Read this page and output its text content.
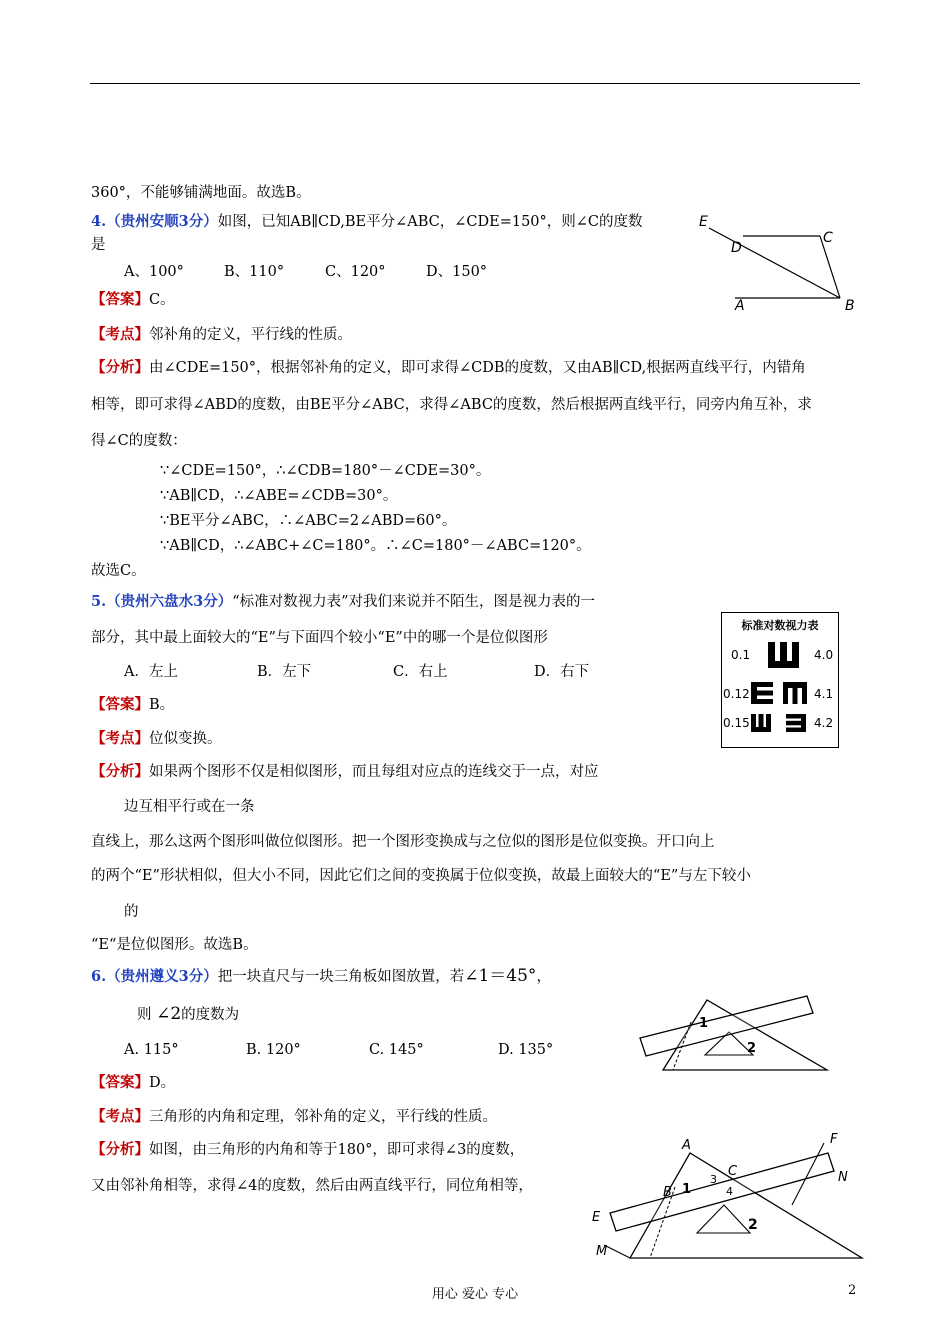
360°，不能够铺满地面。故选B。
4.（贵州安顺3分）如图，已知AB∥CD,BE平分∠ABC，∠CDE=150°，则∠C的度数
是
A、100°	B、110°	C、120°	D、150°
【答案】C。
【考点】邻补角的定义，平行线的性质。
【分析】由∠CDE=150°，根据邻补角的定义，即可求得∠CDB的度数，又由AB∥CD,根据两直线平行，内错角
相等，即可求得∠ABD的度数，由BE平分∠ABC，求得∠ABC的度数，然后根据两直线平行，同旁内角互补，求
得∠C的度数：
∵∠CDE=150°，∴∠CDB=180°－∠CDE=30°。
∵AB∥CD，∴∠ABE=∠CDB=30°。
∵BE平分∠ABC，∴∠ABC=2∠ABD=60°。
∵AB∥CD，∴∠ABC+∠C=180°。∴∠C=180°－∠ABC=120°。
故选C。
E
D
C
A	B
5.（贵州六盘水3分）“标准对数视力表”对我们来说并不陌生，图是视力表的一
部分，其中最上面较大的“E”与下面四个较小“E”中的哪一个是位似图形
A．左上	B．左下	C．右上	D．右下
【答案】B。
【考点】位似变换。
【分析】如果两个图形不仅是相似图形，而且每组对应点的连线交于一点，对应
边互相平行或在一条
直线上，那么这两个图形叫做位似图形。把一个图形变换成与之位似的图形是位似变换。开口向上
的两个“E”形状相似，但大小不同，因此它们之间的变换属于位似变换，故最上面较大的“E”与左下较小
的
“E“是位似图形。故选B。
标准对数视力表
0.1	4.0
0.12	4.1
0.15	4.2
6.（贵州遵义3分）把一块直尺与一块三角板如图放置，若∠1＝45°，
则 ∠2的度数为
A. 115°	B. 120°	C. 145°	D. 135°
【答案】D。
【考点】三角形的内角和定理，邻补角的定义，平行线的性质。
【分析】如图，由三角形的内角和等于180°，即可求得∠3的度数，
又由邻补角相等，求得∠4的度数，然后由两直线平行，同位角相等，
1
2
A
B
C
E
F
M
N
1
2
3
4
用心 爱心 专心	2
